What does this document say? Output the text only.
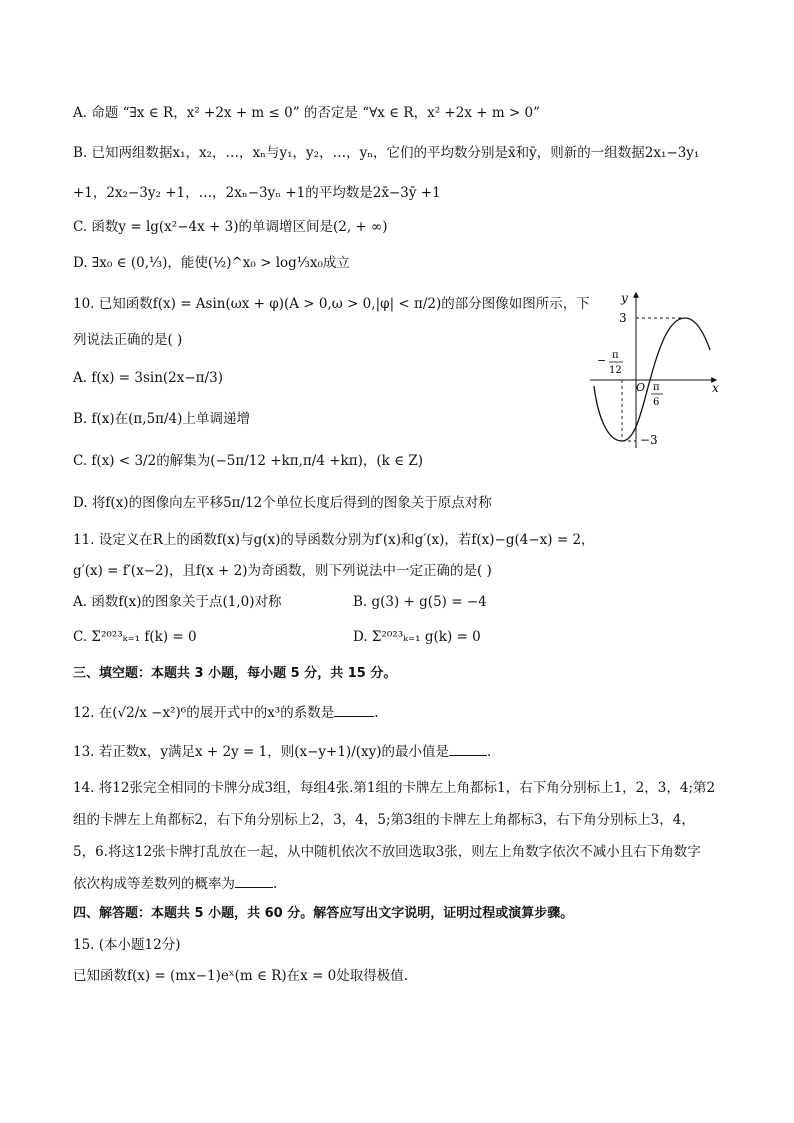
A. 命题 “∃x ∈ R，x² +2x + m ≤ 0” 的否定是 “∀x ∈ R，x² +2x + m > 0”
B. 已知两组数据x₁，x₂，…，xₙ与y₁，y₂，…，yₙ，它们的平均数分别是x̄和ȳ，则新的一组数据2x₁−3y₁
+1，2x₂−3y₂ +1，…，2xₙ−3yₙ +1的平均数是2x̄−3ȳ +1
C. 函数y = lg(x²−4x + 3)的单调增区间是(2, + ∞)
D. ∃x₀ ∈ (0,⅓)，能使(½)^x₀ > log⅓x₀成立
10. 已知函数f(x) = Asin(ωx + φ)(A > 0,ω > 0,|φ| < π/2)的部分图像如图所示，下
列说法正确的是( )
A. f(x) = 3sin(2x−π/3)
B. f(x)在(π,5π/4)上单调递增
C. f(x) < 3/2的解集为(−5π/12 +kπ,π/4 +kπ)，(k ∈ Z)
D. 将f(x)的图像向左平移5π/12个单位长度后得到的图象关于原点对称
11. 设定义在R上的函数f(x)与g(x)的导函数分别为f′(x)和g′(x)，若f(x)−g(4−x) = 2，
g′(x) = f′(x−2)，且f(x + 2)为奇函数，则下列说法中一定正确的是( )
A. 函数f(x)的图象关于点(1,0)对称	B. g(3) + g(5) = −4
C. Σ²⁰²³ₖ₌₁ f(k) = 0	D. Σ²⁰²³ₖ₌₁ g(k) = 0
三、填空题：本题共 3 小题，每小题 5 分，共 15 分。
12. 在(√2/x −x²)⁶的展开式中的x³的系数是	.
13. 若正数x，y满足x + 2y = 1，则(x−y+1)/(xy)的最小值是	.
14. 将12张完全相同的卡牌分成3组，每组4张.第1组的卡牌左上角都标1，右下角分别标上1，2，3，4;第2
组的卡牌左上角都标2，右下角分别标上2，3，4，5;第3组的卡牌左上角都标3，右下角分别标上3，4，
5，6.将这12张卡牌打乱放在一起，从中随机依次不放回选取3张，则左上角数字依次不减小且右下角数字
依次构成等差数列的概率为	.
四、解答题：本题共 5 小题，共 60 分。解答应写出文字说明，证明过程或演算步骤。
15. (本小题12分)
已知函数f(x) = (mx−1)eˣ(m ∈ R)在x = 0处取得极值.
y
x
O
3
−3
− π
12
π
6
